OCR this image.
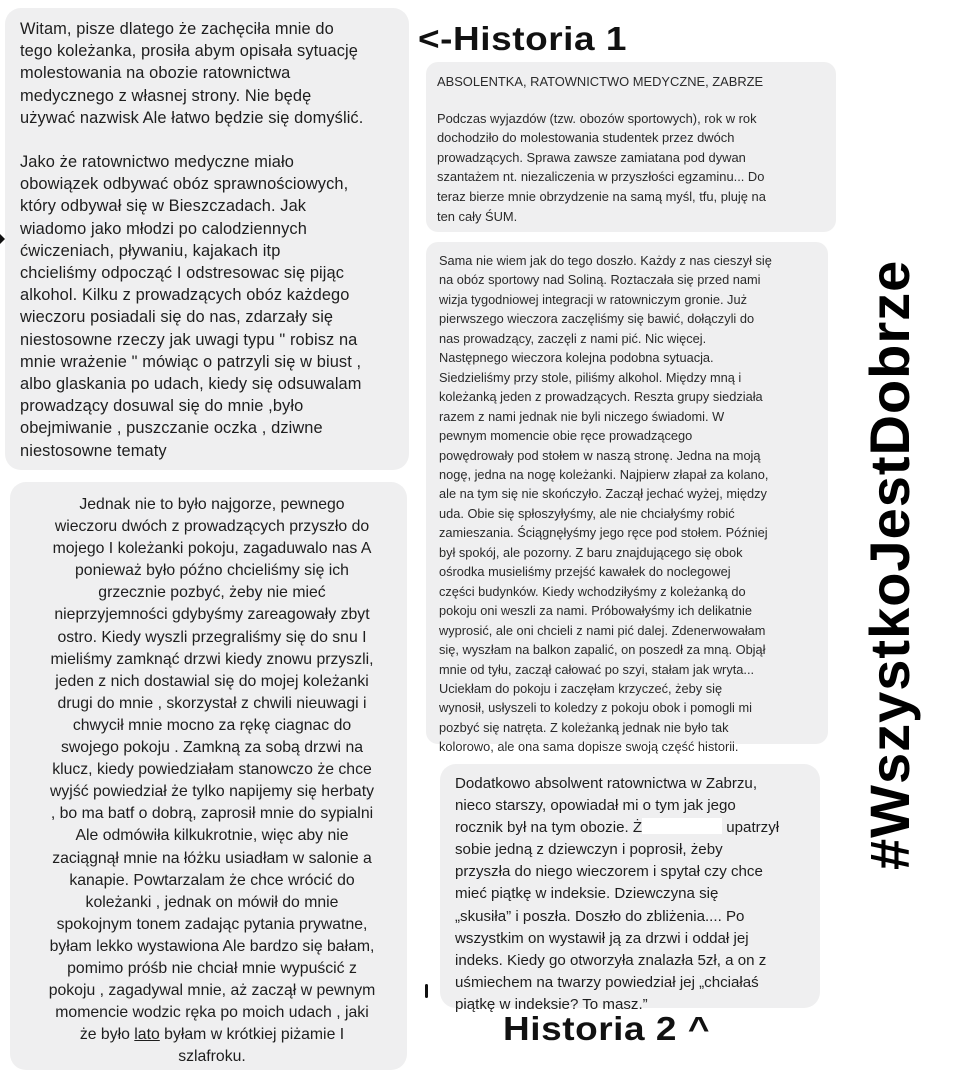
Witam, pisze dlatego że zachęciła mnie do
tego koleżanka, prosiła abym opisała sytuację
molestowania na obozie ratownictwa
medycznego z własnej strony. Nie będę
używać nazwisk Ale łatwo będzie się domyślić.

Jako że ratownictwo medyczne miało
obowiązek odbywać obóz sprawnościowych,
który odbywał się w Bieszczadach. Jak
wiadomo jako młodzi po calodziennych
ćwiczeniach, pływaniu, kajakach itp
chcieliśmy odpocząć I odstresowac się pijąc
alkohol. Kilku z prowadzących obóz każdego
wieczoru posiadali się do nas, zdarzały się
niestosowne rzeczy jak uwagi typu " robisz na
mnie wrażenie " mówiąc o patrzyli się w biust ,
albo glaskania po udach, kiedy się odsuwalam
prowadzący dosuwal się do mnie ,było
obejmiwanie , puszczanie oczka , dziwne
niestosowne tematy

Jednak nie to było najgorze, pewnego
wieczoru dwóch z prowadzących przyszło do
mojego I koleżanki pokoju, zagaduwalo nas A
ponieważ było późno chcieliśmy się ich
grzecznie pozbyć, żeby nie mieć
nieprzyjemności gdybyśmy zareagowały zbyt
ostro. Kiedy wyszli przegraliśmy się do snu I
mieliśmy zamknąć drzwi kiedy znowu przyszli,
jeden z nich dostawial się do mojej koleżanki
drugi do mnie , skorzystał z chwili nieuwagi i
chwycił mnie mocno za rękę ciagnac do
swojego pokoju . Zamkną za sobą drzwi na
klucz, kiedy powiedziałam stanowczo że chce
wyjść powiedział że tylko napijemy się herbaty
, bo ma batf o dobrą, zaprosił mnie do sypialni
Ale odmówiła kilkukrotnie, więc aby nie
zaciągnął mnie na łóżku usiadłam w salonie a
kanapie. Powtarzalam że chce wrócić do
koleżanki , jednak on mówił do mnie
spokojnym tonem zadając pytania prywatne,
byłam lekko wystawiona Ale bardzo się bałam,
pomimo próśb nie chciał mnie wypuścić z
pokoju , zagadywal mnie, aż zaczął w pewnym
momencie wodzic ręka po moich udach , jaki
że było lato byłam w krótkiej piżamie I
szlafroku.

ABSOLENTKA, RATOWNICTWO MEDYCZNE, ZABRZE

Podczas wyjazdów (tzw. obozów sportowych), rok w rok
dochodziło do molestowania studentek przez dwóch
prowadzących. Sprawa zawsze zamiatana pod dywan
szantażem nt. niezaliczenia w przyszłości egzaminu... Do
teraz bierze mnie obrzydzenie na samą myśl, tfu, pluję na
ten cały ŚUM.

Sama nie wiem jak do tego doszło. Każdy z nas cieszył się
na obóz sportowy nad Soliną. Roztaczała się przed nami
wizja tygodniowej integracji w ratowniczym gronie. Już
pierwszego wieczora zaczęliśmy się bawić, dołączyli do
nas prowadzący, zaczęli z nami pić. Nic więcej.
Następnego wieczora kolejna podobna sytuacja.
Siedzieliśmy przy stole, piliśmy alkohol. Między mną i
koleżanką jeden z prowadzących. Reszta grupy siedziała
razem z nami jednak nie byli niczego świadomi. W
pewnym momencie obie ręce prowadzącego
powędrowały pod stołem w naszą stronę. Jedna na moją
nogę, jedna na nogę koleżanki. Najpierw złapał za kolano,
ale na tym się nie skończyło. Zaczął jechać wyżej, między
uda. Obie się spłoszyłyśmy, ale nie chciałyśmy robić
zamieszania. Ściągnęłyśmy jego ręce pod stołem. Później
był spokój, ale pozorny. Z baru znajdującego się obok
ośrodka musieliśmy przejść kawałek do noclegowej
części budynków. Kiedy wchodziłyśmy z koleżanką do
pokoju oni weszli za nami. Próbowałyśmy ich delikatnie
wyprosić, ale oni chcieli z nami pić dalej. Zdenerwowałam
się, wyszłam na balkon zapalić, on poszedł za mną. Objął
mnie od tyłu, zaczął całować po szyi, stałam jak wryta...
Uciekłam do pokoju i zaczęłam krzyczeć, żeby się
wynosił, usłyszeli to koledzy z pokoju obok i pomogli mi
pozbyć się natręta. Z koleżanką jednak nie było tak
kolorowo, ale ona sama dopisze swoją część historii.

Dodatkowo absolwent ratownictwa w Zabrzu,
nieco starszy, opowiadał mi o tym jak jego
rocznik był na tym obozie. Ż	upatrzył
sobie jedną z dziewczyn i poprosił, żeby
przyszła do niego wieczorem i spytał czy chce
mieć piątkę w indeksie. Dziewczyna się
„skusiła” i poszła. Doszło do zbliżenia.... Po
wszystkim on wystawił ją za drzwi i oddał jej
indeks. Kiedy go otworzyła znalazła 5zł, a on z
uśmiechem na twarzy powiedział jej „chciałaś
piątkę w indeksie? To masz.”

<-Historia 1
Historia 2 ^
#WszystkoJestDobrze
